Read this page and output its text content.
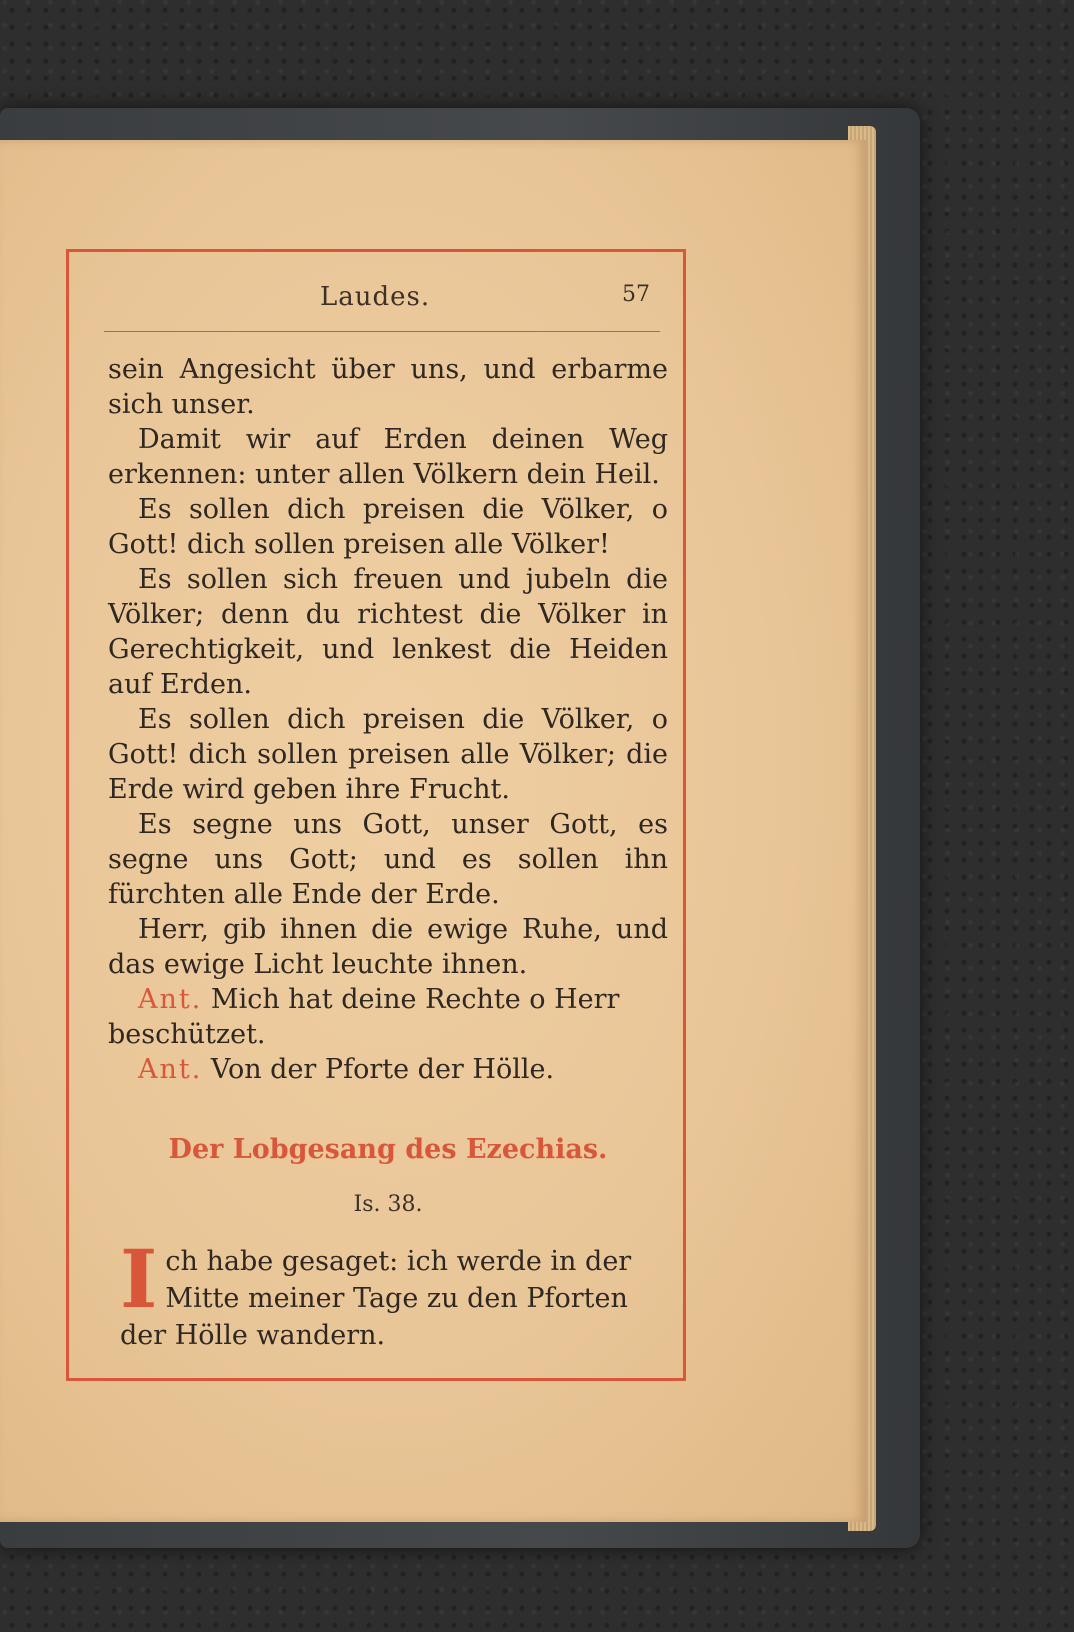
Laudes.	57

sein Angesicht über uns, und erbarme sich unser.

Damit wir auf Erden deinen Weg erkennen: unter allen Völkern dein Heil.

Es sollen dich preisen die Völker, o Gott! dich sollen preisen alle Völker!

Es sollen sich freuen und jubeln die Völker; denn du richtest die Völker in Gerechtigkeit, und lenkest die Heiden auf Erden.

Es sollen dich preisen die Völker, o Gott! dich sollen preisen alle Völker; die Erde wird geben ihre Frucht.

Es segne uns Gott, unser Gott, es segne uns Gott; und es sollen ihn fürchten alle Ende der Erde.

Herr, gib ihnen die ewige Ruhe, und das ewige Licht leuchte ihnen.

Ant. Mich hat deine Rechte o Herr beschützet.

Ant. Von der Pforte der Hölle.

Der Lobgesang des Ezechias.
Is. 38.
I ch habe gesaget: ich werde in der Mitte meiner Tage zu den Pforten der Hölle wandern.
